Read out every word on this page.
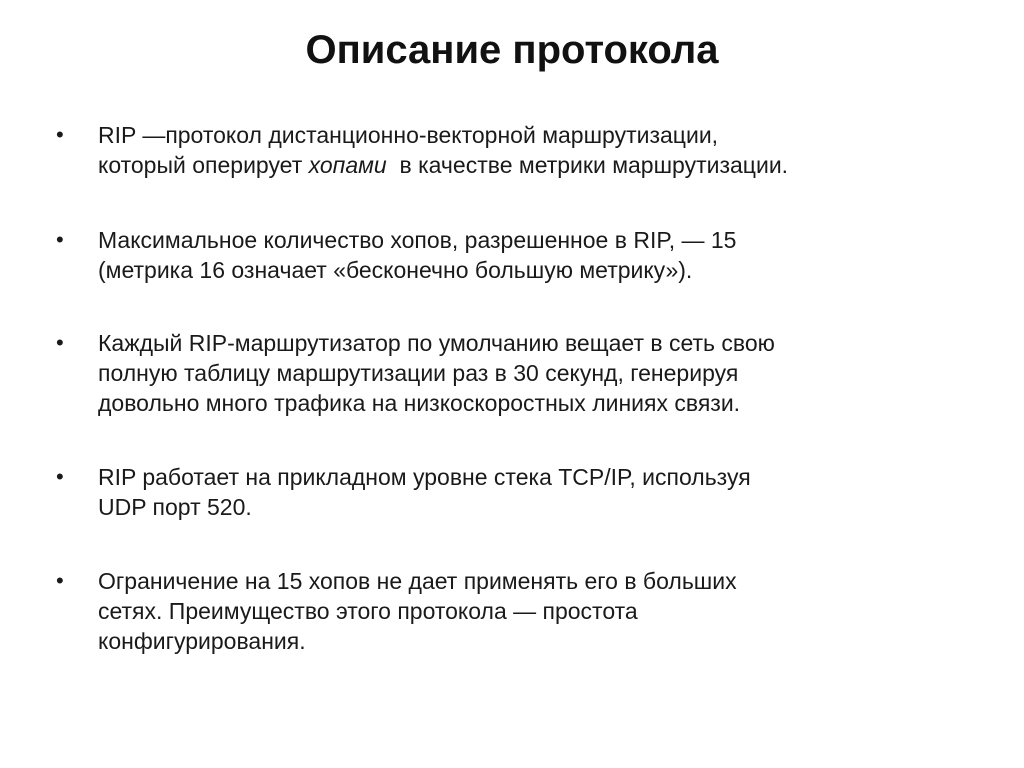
Описание протокола
• RIP —протокол дистанционно-векторной маршрутизации,
который оперирует хопами  в качестве метрики маршрутизации.
• Максимальное количество хопов, разрешенное в RIP, — 15
(метрика 16 означает «бесконечно большую метрику»).
• Каждый RIP-маршрутизатор по умолчанию вещает в сеть свою
полную таблицу маршрутизации раз в 30 секунд, генерируя
довольно много трафика на низкоскоростных линиях связи.
• RIP работает на прикладном уровне стека TCP/IP, используя
UDP порт 520.
• Ограничение на 15 хопов не дает применять его в больших
сетях. Преимущество этого протокола — простота
конфигурирования.
